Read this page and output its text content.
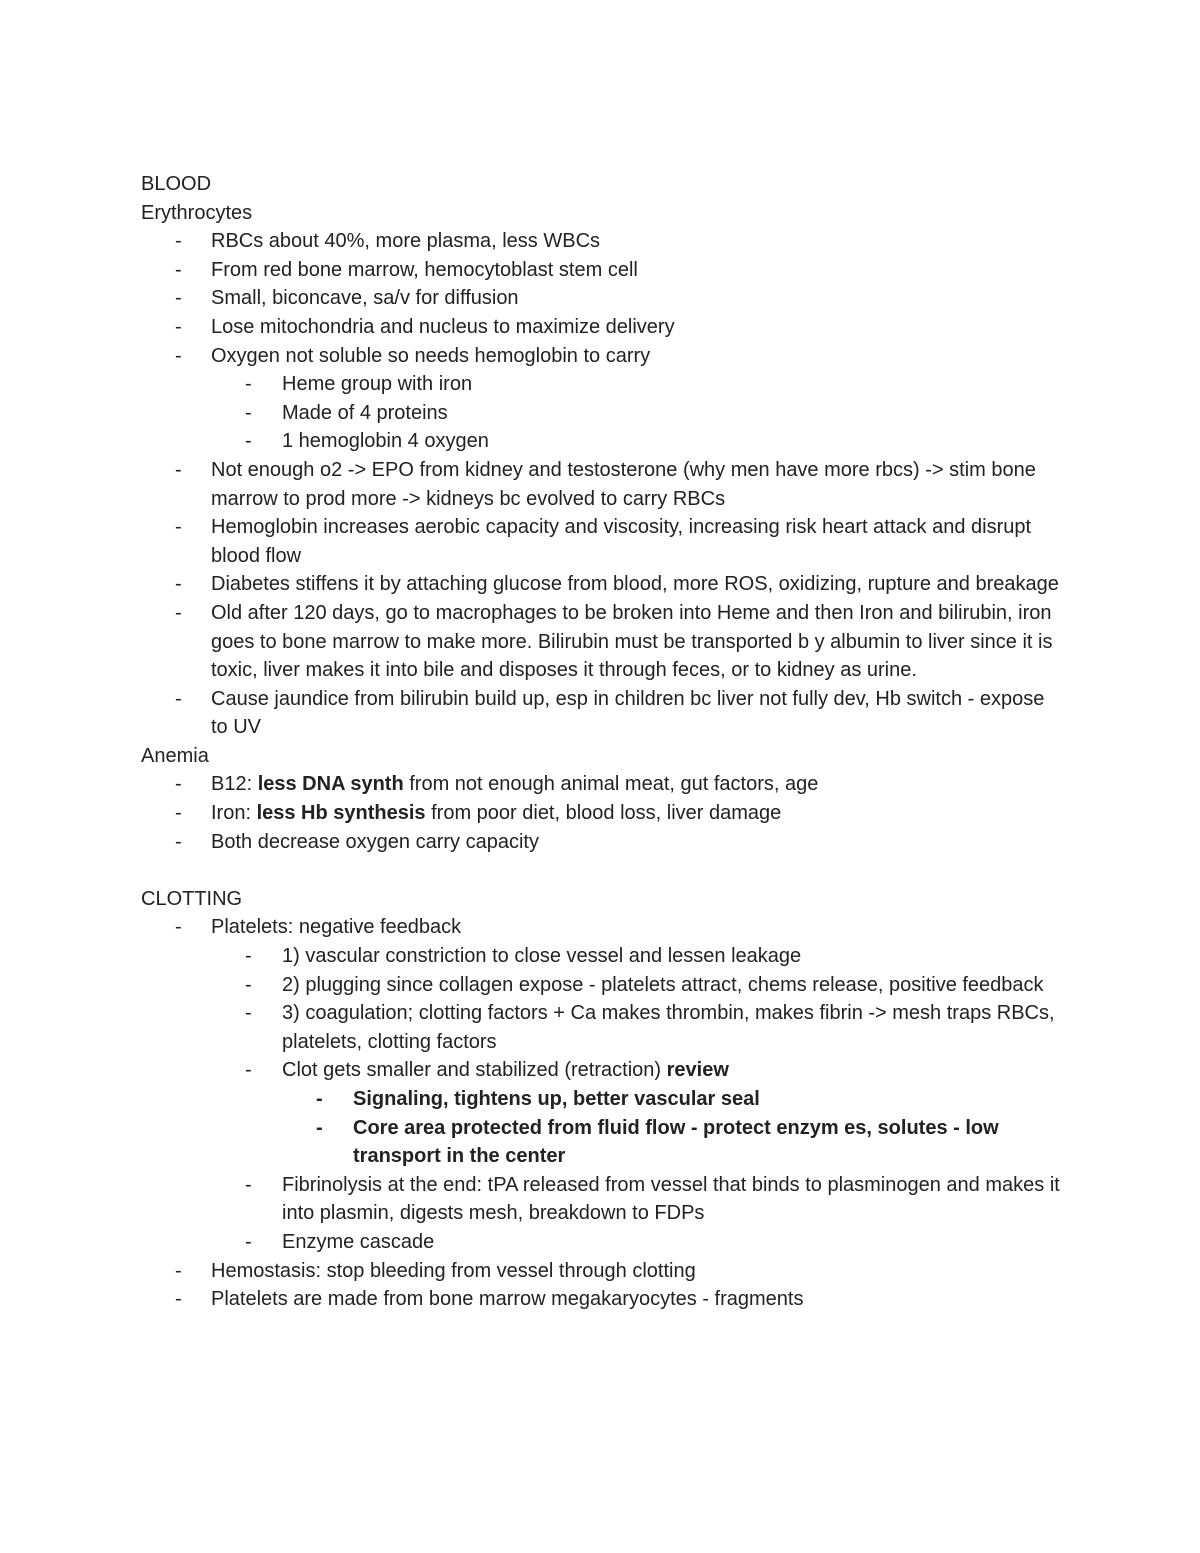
BLOOD

Erythrocytes

- RBCs about 40%, more plasma, less WBCs
- From red bone marrow, hemocytoblast stem cell
- Small, biconcave, sa/v for diffusion
- Lose mitochondria and nucleus to maximize delivery
- Oxygen not soluble so needs hemoglobin to carry
- Heme group with iron
- Made of 4 proteins
- 1 hemoglobin 4 oxygen
- Not enough o2 -> EPO from kidney and testosterone (why men have more rbcs) -> stim bone marrow to prod more -> kidneys bc evolved to carry RBCs
- Hemoglobin increases aerobic capacity and viscosity, increasing risk heart attack and disrupt blood flow
- Diabetes stiffens it by attaching glucose from blood, more ROS, oxidizing, rupture and breakage
- Old after 120 days, go to macrophages to be broken into Heme and then Iron and bilirubin, iron goes to bone marrow to make more. Bilirubin must be transported b y albumin to liver since it is toxic, liver makes it into bile and disposes it through feces, or to kidney as urine.
- Cause jaundice from bilirubin build up, esp in children bc liver not fully dev, Hb switch - expose to UV

Anemia

- B12: less DNA synth from not enough animal meat, gut factors, age
- Iron: less Hb synthesis from poor diet, blood loss, liver damage
- Both decrease oxygen carry capacity

CLOTTING

- Platelets: negative feedback
- 1) vascular constriction to close vessel and lessen leakage
- 2) plugging since collagen expose - platelets attract, chems release, positive feedback
- 3) coagulation; clotting factors + Ca makes thrombin, makes fibrin -> mesh traps RBCs, platelets, clotting factors
- Clot gets smaller and stabilized (retraction) review
- Signaling, tightens up, better vascular seal
- Core area protected from fluid flow - protect enzym es, solutes - low transport in the center
- Fibrinolysis at the end: tPA released from vessel that binds to plasminogen and makes it into plasmin, digests mesh, breakdown to FDPs
- Enzyme cascade
- Hemostasis: stop bleeding from vessel through clotting
- Platelets are made from bone marrow megakaryocytes - fragments
